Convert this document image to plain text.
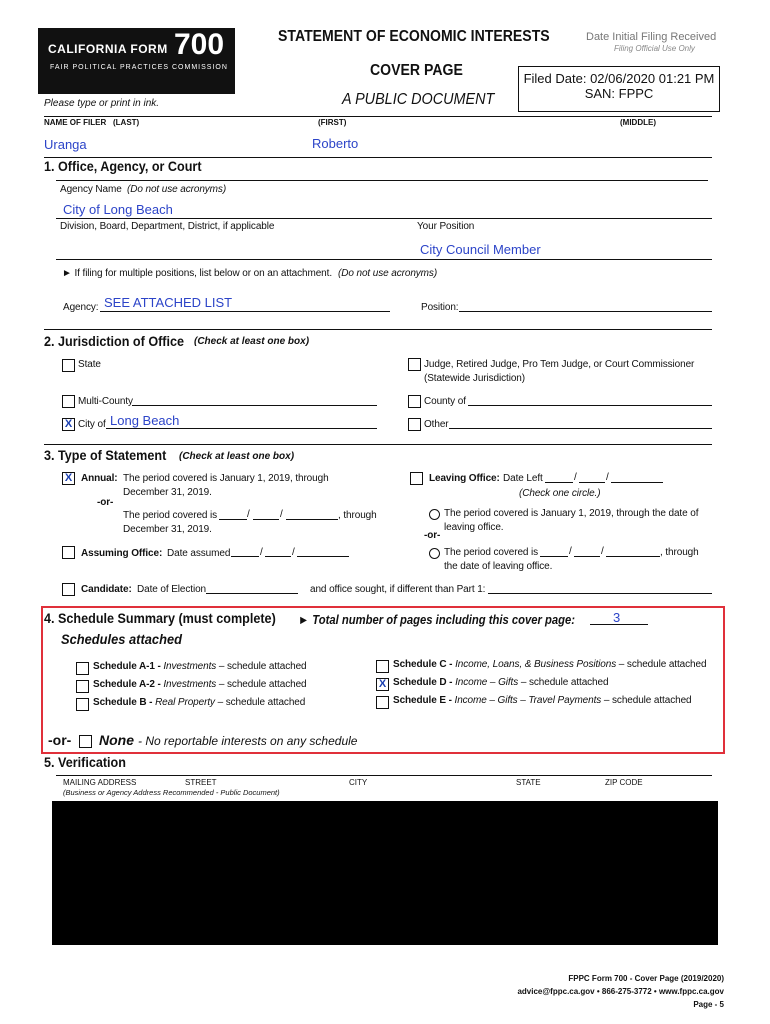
CALIFORNIA FORM 700
FAIR POLITICAL PRACTICES COMMISSION
STATEMENT OF ECONOMIC INTERESTS
COVER PAGE
A PUBLIC DOCUMENT
Date Initial Filing Received
Filing Official Use Only
Filed Date: 02/06/2020 01:21 PM
SAN: FPPC
Please type or print in ink.
NAME OF FILER (LAST)	(FIRST)	(MIDDLE)
Uranga	Roberto
1. Office, Agency, or Court
Agency Name (Do not use acronyms)
City of Long Beach
Division, Board, Department, District, if applicable	Your Position
City Council Member
► If filing for multiple positions, list below or on an attachment. (Do not use acronyms)
Agency: SEE ATTACHED LIST	Position:
2. Jurisdiction of Office (Check at least one box)
State	Judge, Retired Judge, Pro Tem Judge, or Court Commissioner
(Statewide Jurisdiction)
Multi-County	County of
X City of Long Beach	Other
3. Type of Statement (Check at least one box)
X Annual: The period covered is January 1, 2019, through
December 31, 2019.
-or-
The period covered is	/	/	, through
December 31, 2019.
Assuming Office: Date assumed	/	/
Leaving Office: Date Left	/	/
(Check one circle.)
The period covered is January 1, 2019, through the date of
leaving office.
-or-
The period covered is	/	/	, through
the date of leaving office.
Candidate: Date of Election	and office sought, if different than Part 1:
4. Schedule Summary (must complete) ► Total number of pages including this cover page:	3
Schedules attached
Schedule A-1 - Investments – schedule attached
Schedule A-2 - Investments – schedule attached
Schedule B - Real Property – schedule attached
Schedule C - Income, Loans, & Business Positions – schedule attached
X Schedule D - Income – Gifts – schedule attached
Schedule E - Income – Gifts – Travel Payments – schedule attached
-or- None - No reportable interests on any schedule
5. Verification
MAILING ADDRESS	STREET	CITY	STATE	ZIP CODE
(Business or Agency Address Recommended - Public Document)
FPPC Form 700 - Cover Page (2019/2020)
advice@fppc.ca.gov • 866-275-3772 • www.fppc.ca.gov
Page - 5
